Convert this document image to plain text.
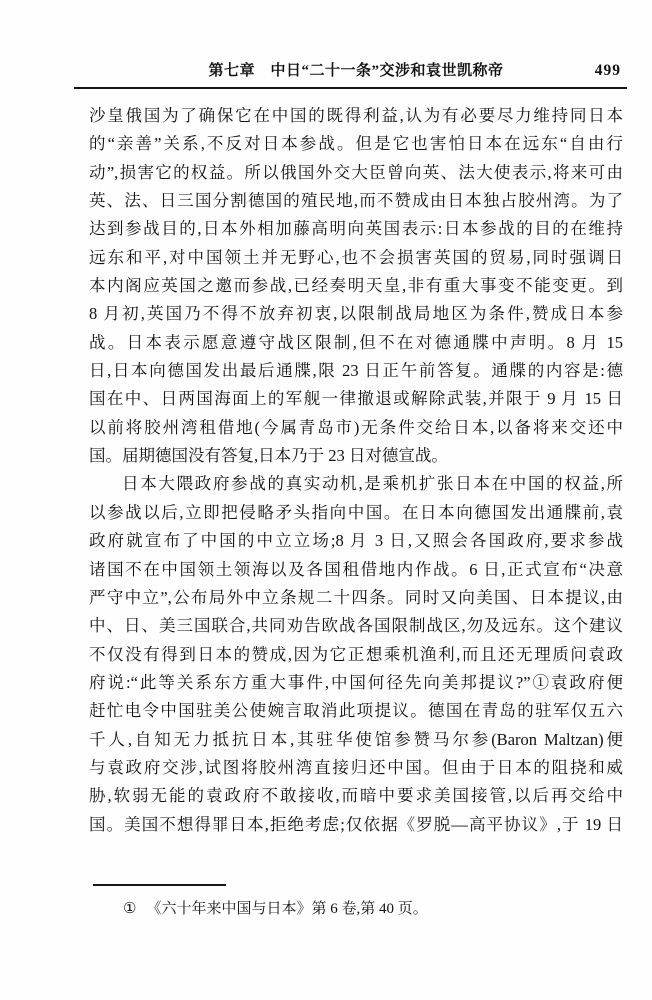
第七章　中日“二十一条”交涉和袁世凯称帝	499
沙皇俄国为了确保它在中国的既得利益,认为有必要尽力维持同日本
的“亲善”关系,不反对日本参战。但是它也害怕日本在远东“自由行
动”,损害它的权益。所以俄国外交大臣曾向英、法大使表示,将来可由
英、法、日三国分割德国的殖民地,而不赞成由日本独占胶州湾。为了
达到参战目的,日本外相加藤高明向英国表示:日本参战的目的在维持
远东和平,对中国领土并无野心,也不会损害英国的贸易,同时强调日
本内阁应英国之邀而参战,已经奏明天皇,非有重大事变不能变更。到
8 月初,英国乃不得不放弃初衷,以限制战局地区为条件,赞成日本参
战。日本表示愿意遵守战区限制,但不在对德通牒中声明。8 月 15
日,日本向德国发出最后通牒,限 23 日正午前答复。通牒的内容是:德
国在中、日两国海面上的军舰一律撤退或解除武装,并限于 9 月 15 日
以前将胶州湾租借地(今属青岛市)无条件交给日本,以备将来交还中
国。届期德国没有答复,日本乃于 23 日对德宣战。
日本大隈政府参战的真实动机,是乘机扩张日本在中国的权益,所
以参战以后,立即把侵略矛头指向中国。在日本向德国发出通牒前,袁
政府就宣布了中国的中立立场;8 月 3 日,又照会各国政府,要求参战
诸国不在中国领土领海以及各国租借地内作战。6 日,正式宣布“决意
严守中立”,公布局外中立条规二十四条。同时又向美国、日本提议,由
中、日、美三国联合,共同劝告欧战各国限制战区,勿及远东。这个建议
不仅没有得到日本的赞成,因为它正想乘机渔利,而且还无理质问袁政
府说:“此等关系东方重大事件,中国何径先向美邦提议?”①袁政府便
赶忙电令中国驻美公使婉言取消此项提议。德国在青岛的驻军仅五六
千人,自知无力抵抗日本,其驻华使馆参赞马尔参(Baron Maltzan)便
与袁政府交涉,试图将胶州湾直接归还中国。但由于日本的阻挠和威
胁,软弱无能的袁政府不敢接收,而暗中要求美国接管,以后再交给中
国。美国不想得罪日本,拒绝考虑;仅依据《罗脱—高平协议》,于 19 日
① 《六十年来中国与日本》第 6 卷,第 40 页。
